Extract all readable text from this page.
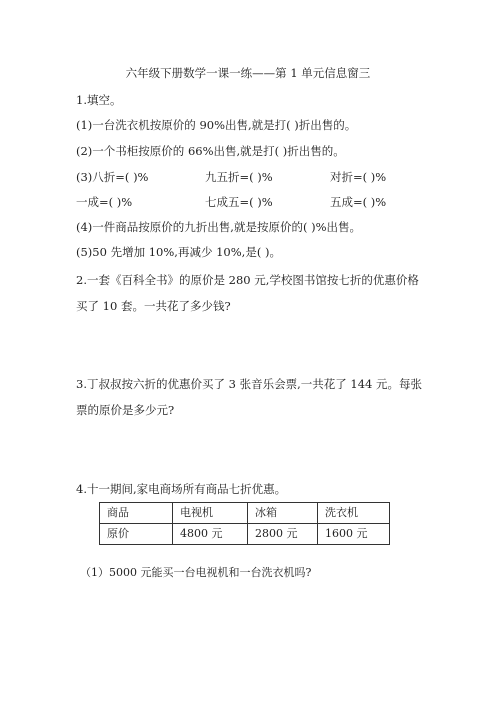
六年级下册数学一课一练——第 1 单元信息窗三
1.填空。
(1)一台洗衣机按原价的 90%出售,就是打( )折出售的。
(2)一个书柜按原价的 66%出售,就是打( )折出售的。
(3)八折=( )%	九五折=( )%	对折=( )%
一成=( )%	七成五=( )%	五成=( )%
(4)一件商品按原价的九折出售,就是按原价的( )%出售。
(5)50 先增加 10%,再减少 10%,是( )。
2.一套《百科全书》的原价是 280 元,学校图书馆按七折的优惠价格
买了 10 套。一共花了多少钱?
3.丁叔叔按六折的优惠价买了 3 张音乐会票,一共花了 144 元。每张
票的原价是多少元?
4.十一期间,家电商场所有商品七折优惠。
商品	电视机	冰箱	洗衣机
原价	4800 元	2800 元	1600 元
（1）5000 元能买一台电视机和一台洗衣机吗?
